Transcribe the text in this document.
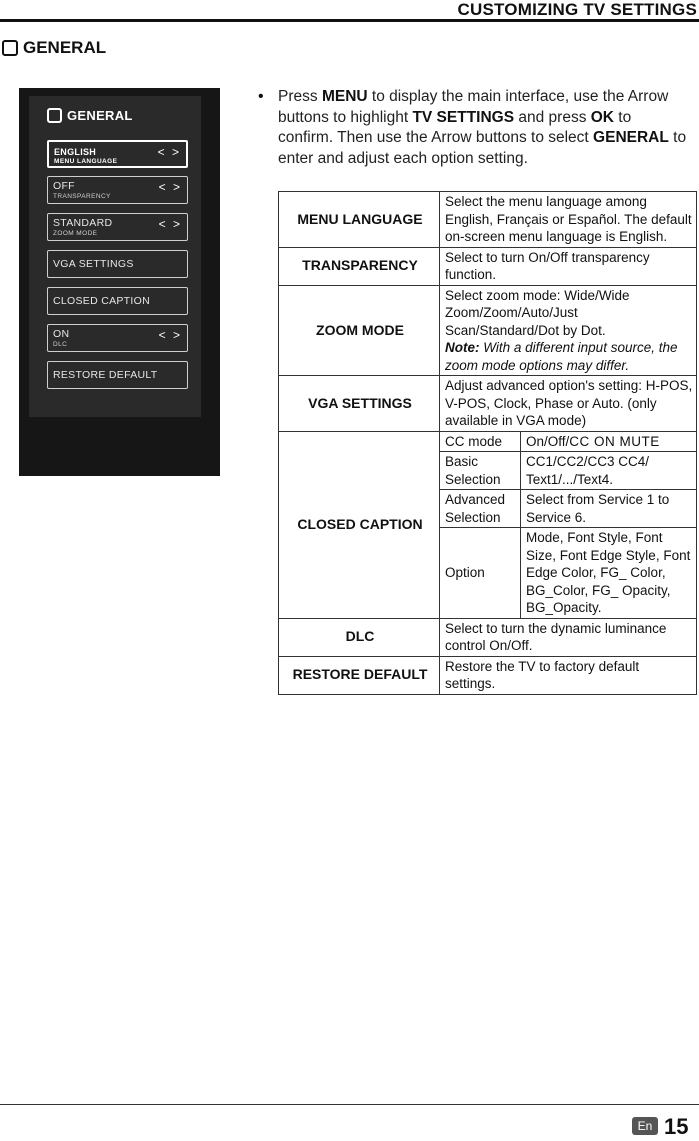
CUSTOMIZING TV SETTINGS
GENERAL
GENERAL
ENGLISH
MENU LANGUAGE
< >
OFF
TRANSPARENCY
< >
STANDARD
ZOOM MODE
< >
VGA SETTINGS
CLOSED CAPTION
ON
DLC
< >
RESTORE DEFAULT
• Press MENU to display the main interface, use the Arrow buttons to highlight TV SETTINGS and press OK to confirm. Then use the Arrow buttons to select GENERAL to enter and adjust each option setting.
MENU LANGUAGE	Select the menu language among English, Français or Español. The default on-screen menu language is English.	
TRANSPARENCY	Select to turn On/Off transparency function.	
ZOOM MODE	Select zoom mode: Wide/Wide Zoom/Zoom/Auto/Just Scan/Standard/Dot by Dot.
Note: With a different input source, the zoom mode options may differ.	
VGA SETTINGS	Adjust advanced option's setting: H-POS, V-POS, Clock, Phase or Auto. (only available in VGA mode)	
CLOSED CAPTION	CC mode	On/Off/CC ON MUTE
	Basic Selection	CC1/CC2/CC3 CC4/ Text1/.../Text4.
	Advanced Selection	Select from Service 1 to Service 6.
	Option	Mode, Font Style, Font Size, Font Edge Style, Font Edge Color, FG_ Color, BG_Color, FG_ Opacity, BG_Opacity.
DLC	Select to turn the dynamic luminance control On/Off.	
RESTORE DEFAULT	Restore the TV to factory default settings.	
En 15
